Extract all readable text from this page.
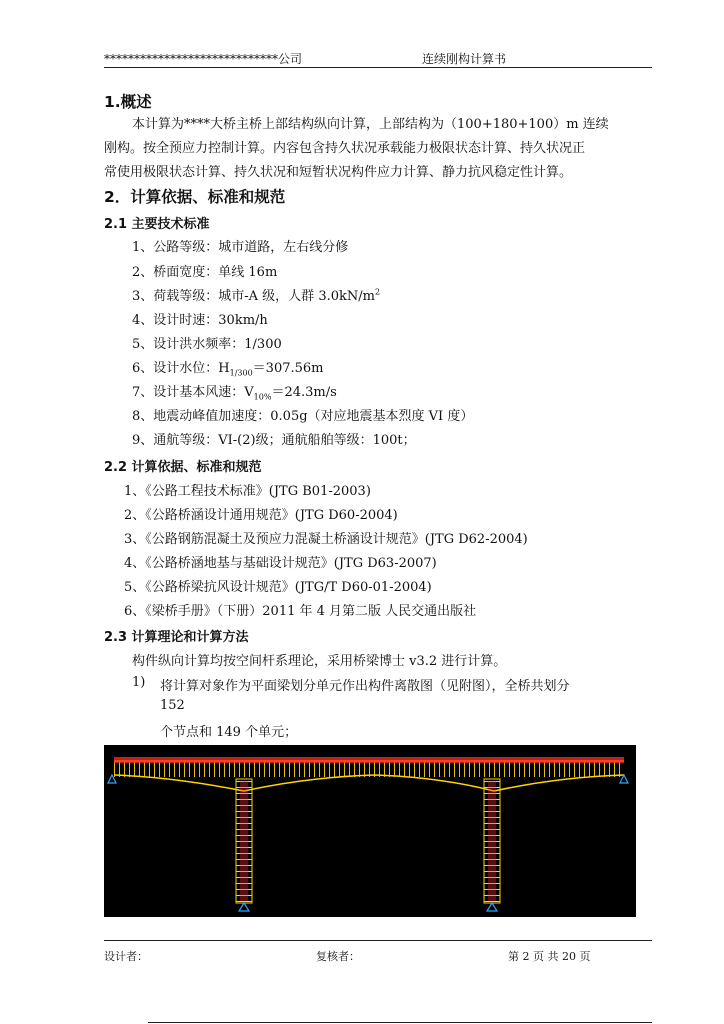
*****************************公司	连续刚构计算书
1.概述

本计算为****大桥主桥上部结构纵向计算，上部结构为（100+180+100）m 连续

刚构。按全预应力控制计算。内容包含持久状况承载能力极限状态计算、持久状况正

常使用极限状态计算、持久状况和短暂状况构件应力计算、静力抗风稳定性计算。

2．计算依据、标准和规范
2.1 主要技术标准
1、公路等级：城市道路，左右线分修
2、桥面宽度：单线 16m
3、荷载等级：城市-A 级，人群 $3.0kN/m^2$
4、设计时速：30km/h
5、设计洪水频率：1/300
6、设计水位：$H_{1/300}=307.56m$
7、设计基本风速：$V_{10\%}=24.3m/s$
8、地震动峰值加速度：0.05g（对应地震基本烈度 VI 度）
9、通航等级：VI-(2)级；通航船舶等级：100t；
2.2 计算依据、标准和规范
1、《公路工程技术标准》(JTG B01-2003)
2、《公路桥涵设计通用规范》(JTG D60-2004)
3、《公路钢筋混凝土及预应力混凝土桥涵设计规范》(JTG D62-2004)
4、《公路桥涵地基与基础设计规范》(JTG D63-2007)
5、《公路桥梁抗风设计规范》(JTG/T D60-01-2004)
6、《梁桥手册》（下册）2011 年 4 月第二版 人民交通出版社
2.3 计算理论和计算方法
构件纵向计算均按空间杆系理论，采用桥梁博士 v3.2 进行计算。
1) 将计算对象作为平面梁划分单元作出构件离散图（见附图），全桥共划分
152
个节点和 149 个单元；
设计者：	复核者：	第 2 页 共 20 页
